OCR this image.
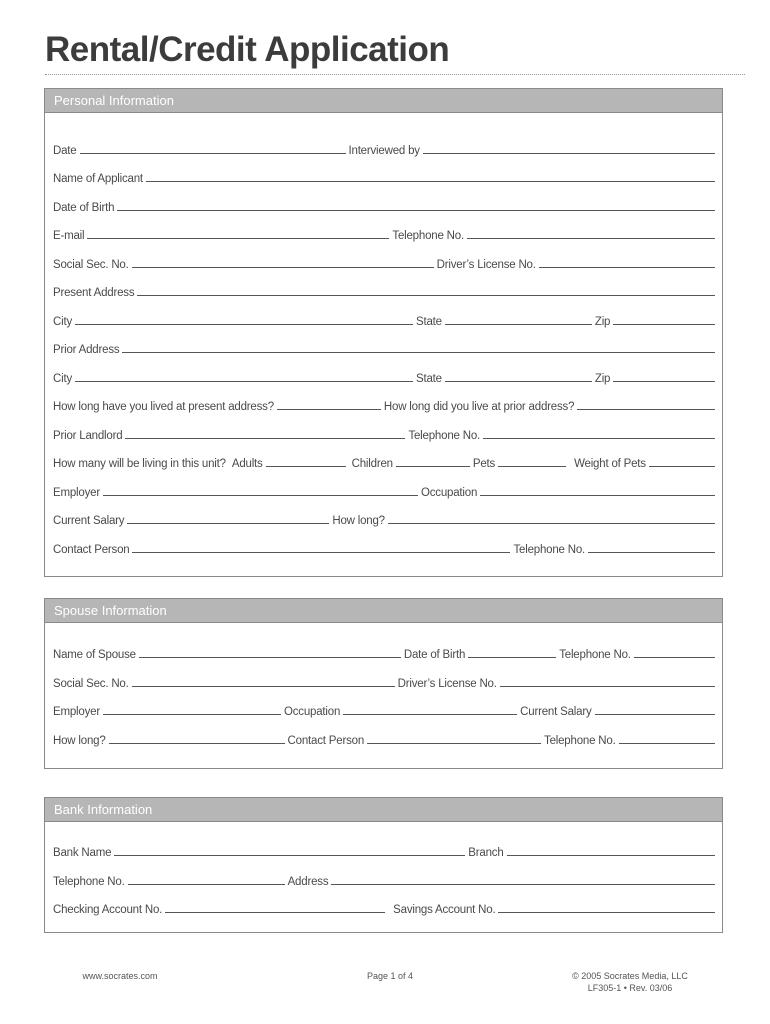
Rental/Credit Application
Personal Information
Date	Interviewed by
Name of Applicant
Date of Birth
E-mail	Telephone No.
Social Sec. No.	Driver’s License No.
Present Address
City	State	Zip
Prior Address
City	State	Zip
How long have you lived at present address?	How long did you live at prior address?
Prior Landlord	Telephone No.
How many will be living in this unit? Adults	Children	Pets	Weight of Pets
Employer	Occupation
Current Salary	How long?
Contact Person	Telephone No.
Spouse Information
Name of Spouse	Date of Birth	Telephone No.
Social Sec. No.	Driver’s License No.
Employer	Occupation	Current Salary
How long?	Contact Person	Telephone No.
Bank Information
Bank Name	Branch
Telephone No.	Address
Checking Account No.	Savings Account No.
www.socrates.com	Page 1 of 4	© 2005 Socrates Media, LLC
LF305-1 • Rev. 03/06
